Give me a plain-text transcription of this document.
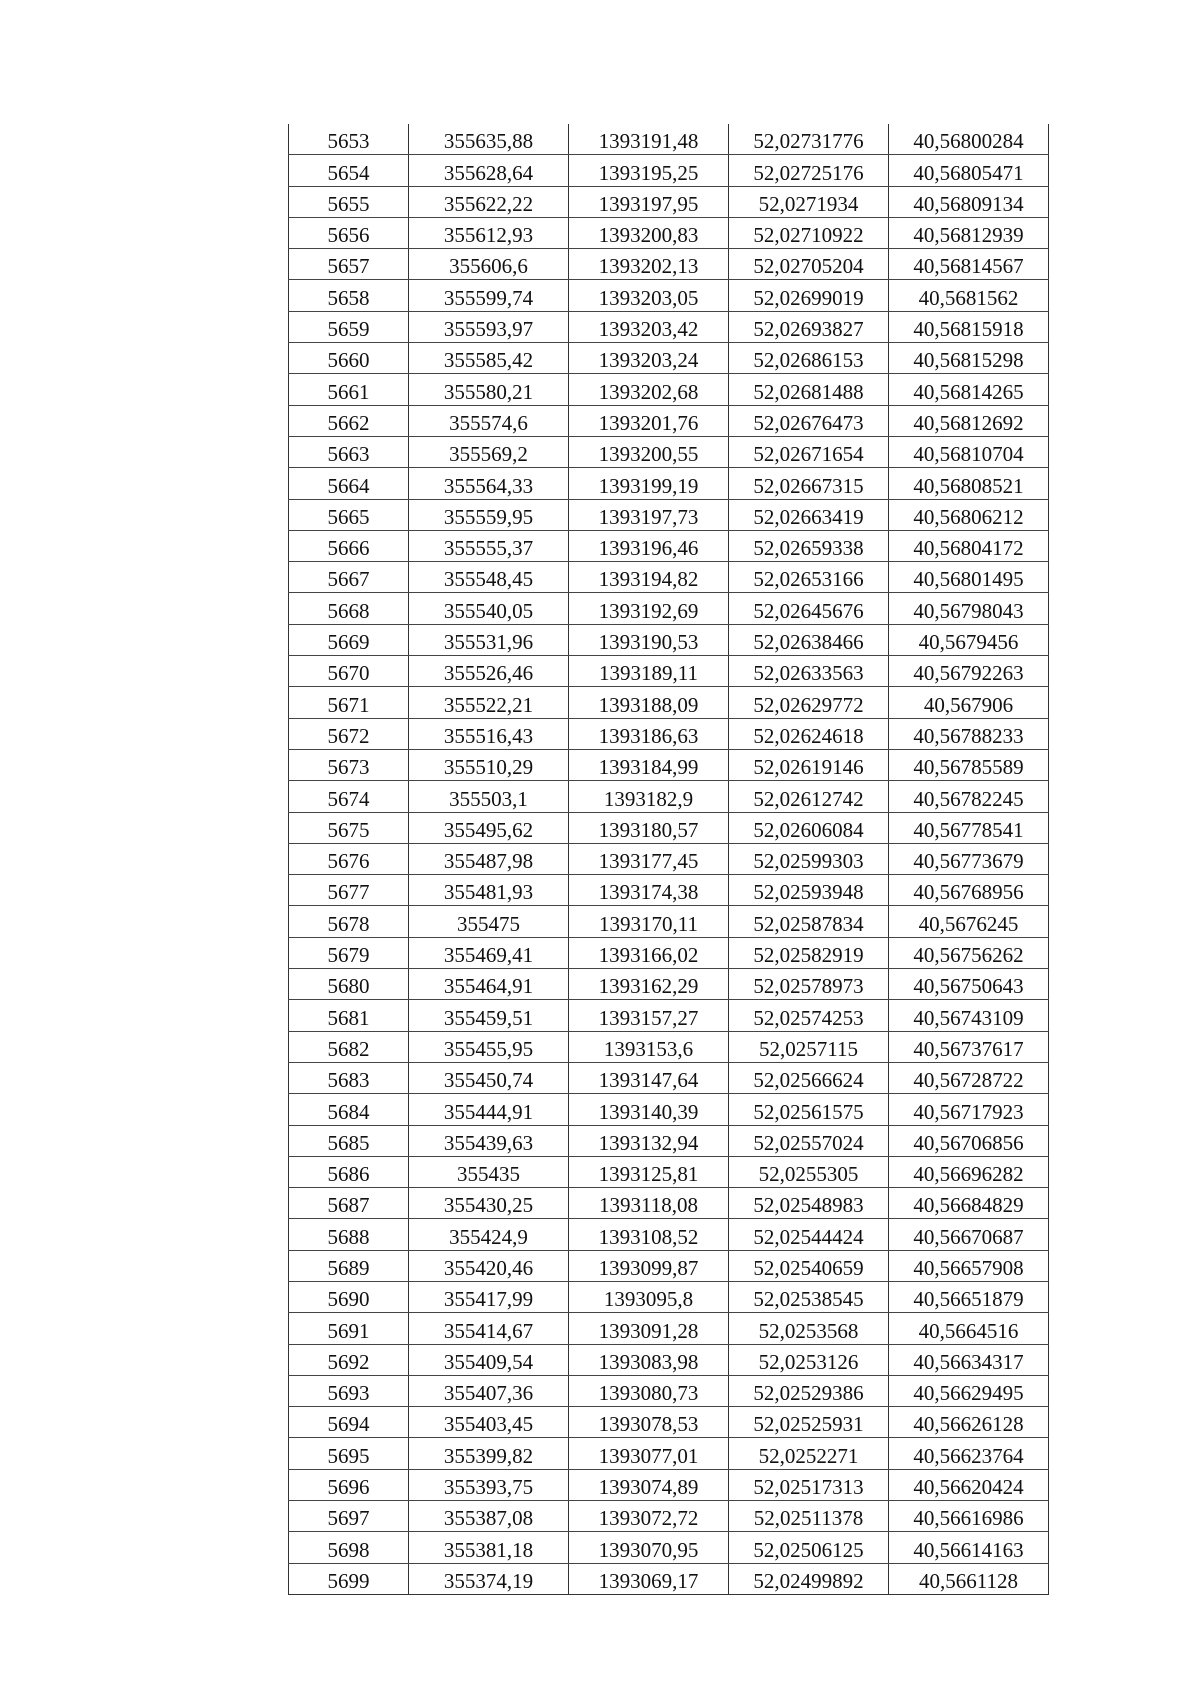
5653	355635,88	1393191,48	52,02731776	40,56800284
5654	355628,64	1393195,25	52,02725176	40,56805471
5655	355622,22	1393197,95	52,0271934	40,56809134
5656	355612,93	1393200,83	52,02710922	40,56812939
5657	355606,6	1393202,13	52,02705204	40,56814567
5658	355599,74	1393203,05	52,02699019	40,5681562
5659	355593,97	1393203,42	52,02693827	40,56815918
5660	355585,42	1393203,24	52,02686153	40,56815298
5661	355580,21	1393202,68	52,02681488	40,56814265
5662	355574,6	1393201,76	52,02676473	40,56812692
5663	355569,2	1393200,55	52,02671654	40,56810704
5664	355564,33	1393199,19	52,02667315	40,56808521
5665	355559,95	1393197,73	52,02663419	40,56806212
5666	355555,37	1393196,46	52,02659338	40,56804172
5667	355548,45	1393194,82	52,02653166	40,56801495
5668	355540,05	1393192,69	52,02645676	40,56798043
5669	355531,96	1393190,53	52,02638466	40,5679456
5670	355526,46	1393189,11	52,02633563	40,56792263
5671	355522,21	1393188,09	52,02629772	40,567906
5672	355516,43	1393186,63	52,02624618	40,56788233
5673	355510,29	1393184,99	52,02619146	40,56785589
5674	355503,1	1393182,9	52,02612742	40,56782245
5675	355495,62	1393180,57	52,02606084	40,56778541
5676	355487,98	1393177,45	52,02599303	40,56773679
5677	355481,93	1393174,38	52,02593948	40,56768956
5678	355475	1393170,11	52,02587834	40,5676245
5679	355469,41	1393166,02	52,02582919	40,56756262
5680	355464,91	1393162,29	52,02578973	40,56750643
5681	355459,51	1393157,27	52,02574253	40,56743109
5682	355455,95	1393153,6	52,0257115	40,56737617
5683	355450,74	1393147,64	52,02566624	40,56728722
5684	355444,91	1393140,39	52,02561575	40,56717923
5685	355439,63	1393132,94	52,02557024	40,56706856
5686	355435	1393125,81	52,0255305	40,56696282
5687	355430,25	1393118,08	52,02548983	40,56684829
5688	355424,9	1393108,52	52,02544424	40,56670687
5689	355420,46	1393099,87	52,02540659	40,56657908
5690	355417,99	1393095,8	52,02538545	40,56651879
5691	355414,67	1393091,28	52,0253568	40,5664516
5692	355409,54	1393083,98	52,0253126	40,56634317
5693	355407,36	1393080,73	52,02529386	40,56629495
5694	355403,45	1393078,53	52,02525931	40,56626128
5695	355399,82	1393077,01	52,0252271	40,56623764
5696	355393,75	1393074,89	52,02517313	40,56620424
5697	355387,08	1393072,72	52,02511378	40,56616986
5698	355381,18	1393070,95	52,02506125	40,56614163
5699	355374,19	1393069,17	52,02499892	40,5661128
